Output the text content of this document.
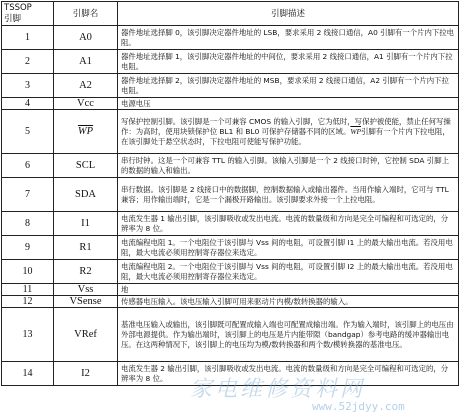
TSSOP
引脚	引脚名	引脚描述
1	A0	器件地址选择脚 0，该引脚决定器件地址的 LSB，要求采用 2 线接口通信，A0 引脚有一个片内下拉电阻。
2	A1	器件地址选择脚 1，该引脚决定器件地址的中间位，要求采用 2 线接口通信，A1 引脚有一个片内下拉电阻。
3	A2	器件地址选择脚 2，该引脚决定器件地址的 MSB，要求采用 2 线接口通信，A2 引脚有一个片内下拉电阻。
4	Vcc	电源电压
5	$\overline{WP}$	写保护控制引脚。该引脚是一个可兼容 CMOS 的输入引脚，它为低时，写保护被使能，禁止任何写操作：为高时，使用块锁保护位 BL1 和 BL0 可保护存储器不同的区域。$\overline{WP}$引脚有一个片内下拉电阻，在该引脚处于悬空状态时，下拉电阻可使能写保护功能。
6	SCL	串行时钟。这是一个可兼容 TTL 的输入引脚。该输入引脚是一个 2 线接口时钟，它控制 SDA 引脚上的数据的输入和输出。
7	SDA	串行数据。该引脚是 2 线接口中的数据脚，控制数据输入或输出器件。当用作输入端时，它可与 TTL 兼容；用作输出端时，它是一个漏极开路输出。该引脚要求外接一个上拉电阻。
8	I1	电流发生器 1 输出引脚，该引脚吸收或发出电流。电流的数量级和方向是完全可编程和可选定的，分辨率为 8 位。
9	R1	电流编程电阻 1。一个电阻位于该引脚与 Vss 间的电阻，可设置引脚 I1 上的最大输出电流。若没用电阻，最大电流必须用控制寄存器位来选定。
10	R2	电流编程电阻 2。一个电阻位于该引脚与 Vss 间的电阻，可设置引脚 I2 上的最大输出电流。若没用电阻，最大电流必须用控制寄存器位来选定。
11	Vss	地
12	VSense	传感器电压输入。该电压输入引脚可用来驱动片内模/数转换器的输入。
13	VRef	基准电压输入或输出，该引脚既可配置成输入端也可配置成输出端。作为输入端时，该引脚上的电压由外部电源提供。作为输出端时，该引脚上的电压是片内能带隙（bandgap）参考电路的缓冲器输出电压。在这两种情况下，该引脚上的电压均为模/数转换器和两个数/模转换器的基准电压。
14	I2	电流发生器 2 输出引脚，该引脚吸收或发出电流。电流的数量级和方向是完全可编程和可选定的，分辨率为 8 位。 家电维修资料网
www.52jdyy.com
